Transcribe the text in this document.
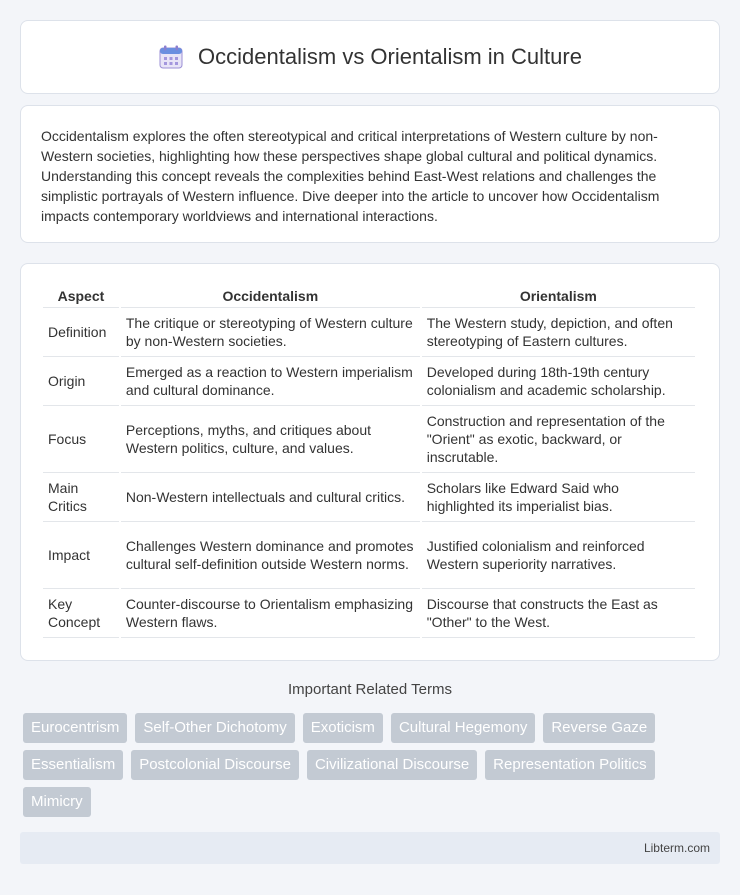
Occidentalism vs Orientalism in Culture

Occidentalism explores the often stereotypical and critical interpretations of Western culture by non-Western societies, highlighting how these perspectives shape global cultural and political dynamics. Understanding this concept reveals the complexities behind East-West relations and challenges the simplistic portrayals of Western influence. Dive deeper into the article to uncover how Occidentalism impacts contemporary worldviews and international interactions.

Aspect	Occidentalism	Orientalism
Definition	The critique or stereotyping of Western culture by non-Western societies.	The Western study, depiction, and often stereotyping of Eastern cultures.
Origin	Emerged as a reaction to Western imperialism and cultural dominance.	Developed during 18th-19th century colonialism and academic scholarship.
Focus	Perceptions, myths, and critiques about Western politics, culture, and values.	Construction and representation of the "Orient" as exotic, backward, or inscrutable.
Main Critics	Non-Western intellectuals and cultural critics.	Scholars like Edward Said who highlighted its imperialist bias.
Impact	Challenges Western dominance and promotes cultural self-definition outside Western norms.	Justified colonialism and reinforced Western superiority narratives.
Key Concept	Counter-discourse to Orientalism emphasizing Western flaws.	Discourse that constructs the East as "Other" to the West.
Important Related Terms
Eurocentrism	Self-Other Dichotomy	Exoticism	Cultural Hegemony	Reverse Gaze
Essentialism	Postcolonial Discourse	Civilizational Discourse	Representation Politics
Mimicry
Libterm.com
